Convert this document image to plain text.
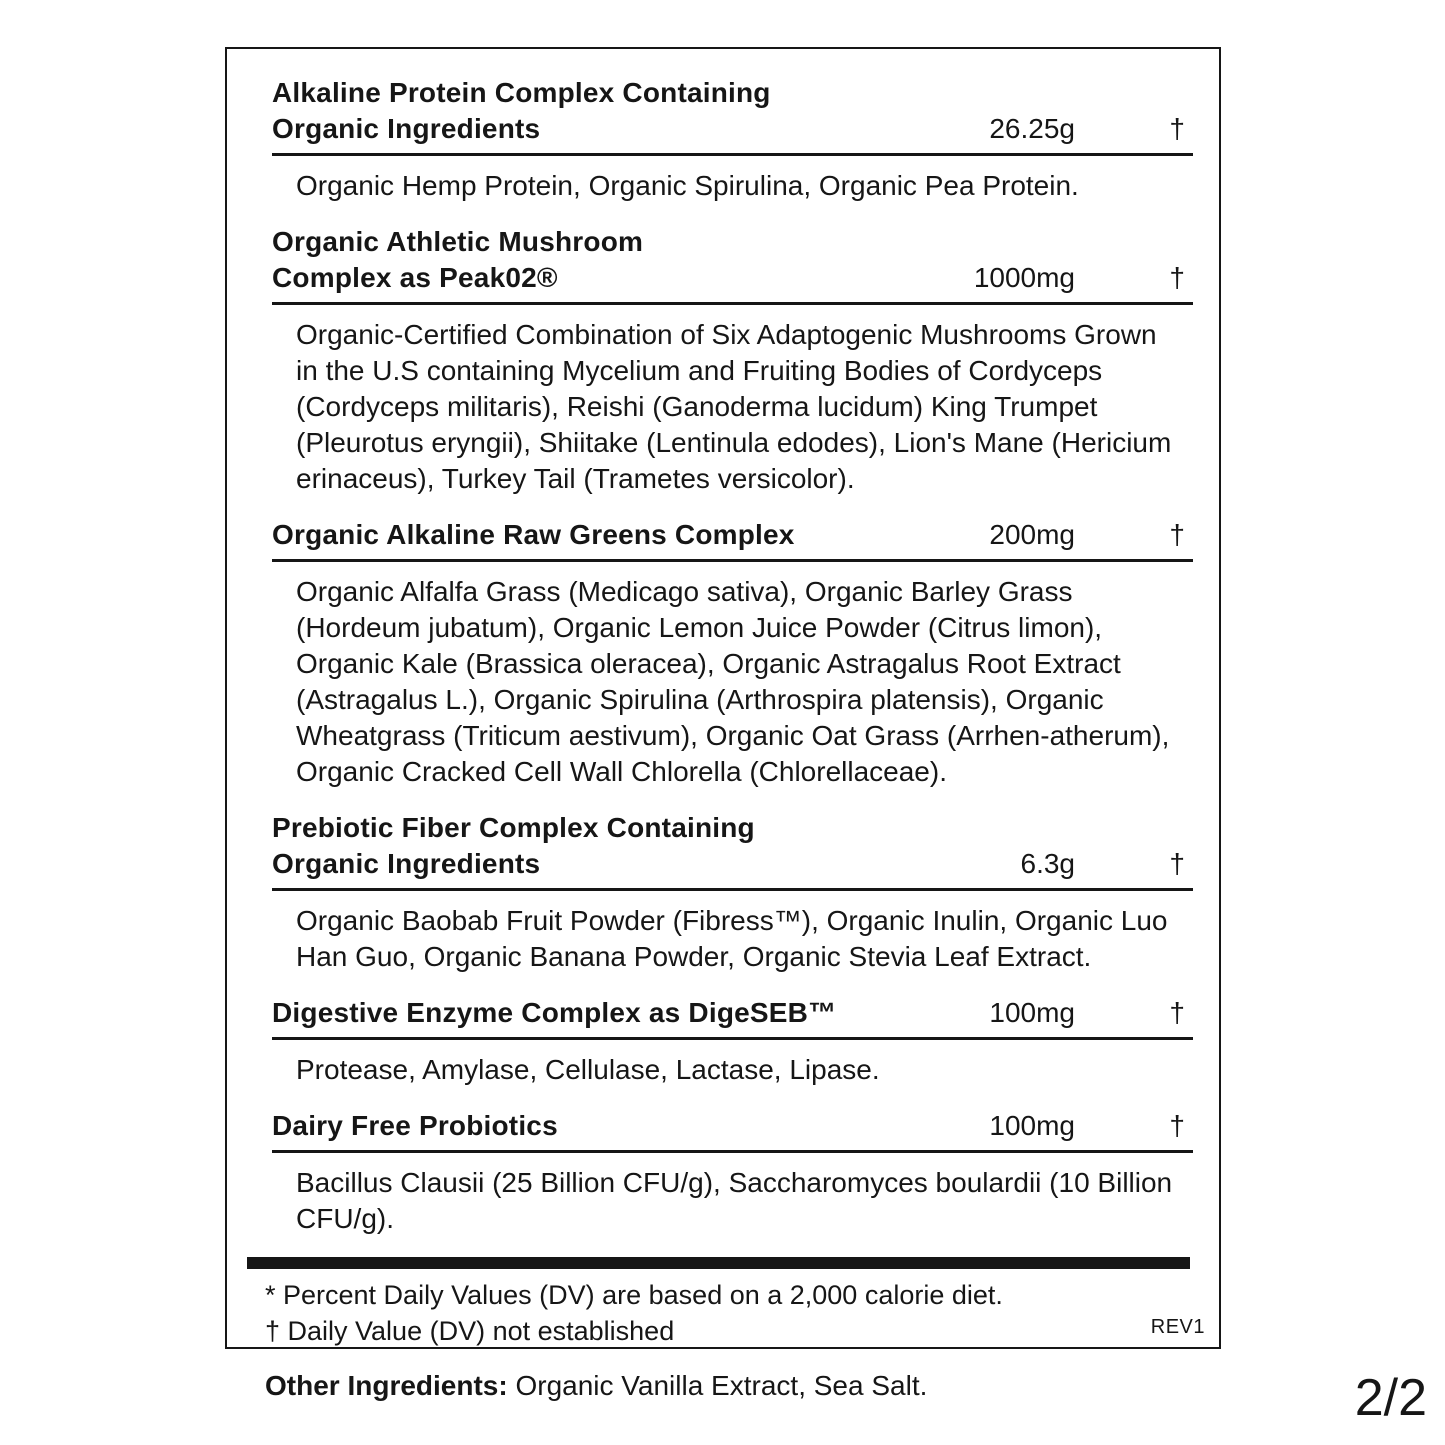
Alkaline Protein Complex Containing
Organic Ingredients	26.25g	†
Organic Hemp Protein, Organic Spirulina, Organic Pea Protein.
Organic Athletic Mushroom
Complex as Peak02®	1000mg	†
Organic-Certified Combination of Six Adaptogenic Mushrooms Grown in the U.S containing Mycelium and Fruiting Bodies of Cordyceps (Cordyceps militaris), Reishi (Ganoderma lucidum) King Trumpet (Pleurotus eryngii), Shiitake (Lentinula edodes), Lion's Mane (Hericium erinaceus), Turkey Tail (Trametes versicolor).
Organic Alkaline Raw Greens Complex	200mg	†
Organic Alfalfa Grass (Medicago sativa), Organic Barley Grass (Hordeum jubatum), Organic Lemon Juice Powder (Citrus limon), Organic Kale (Brassica oleracea), Organic Astragalus Root Extract (Astragalus L.), Organic Spirulina (Arthrospira platensis), Organic Wheatgrass (Triticum aestivum), Organic Oat Grass (Arrhen-atherum), Organic Cracked Cell Wall Chlorella (Chlorellaceae).
Prebiotic Fiber Complex Containing
Organic Ingredients	6.3g	†
Organic Baobab Fruit Powder (Fibress™), Organic Inulin, Organic Luo Han Guo, Organic Banana Powder, Organic Stevia Leaf Extract.
Digestive Enzyme Complex as DigeSEB™	100mg	†
Protease, Amylase, Cellulase, Lactase, Lipase.
Dairy Free Probiotics	100mg	†
Bacillus Clausii (25 Billion CFU/g), Saccharomyces boulardii (10 Billion CFU/g).
* Percent Daily Values (DV) are based on a 2,000 calorie diet.
† Daily Value (DV) not established	REV1
Other Ingredients: Organic Vanilla Extract, Sea Salt.	2/2
